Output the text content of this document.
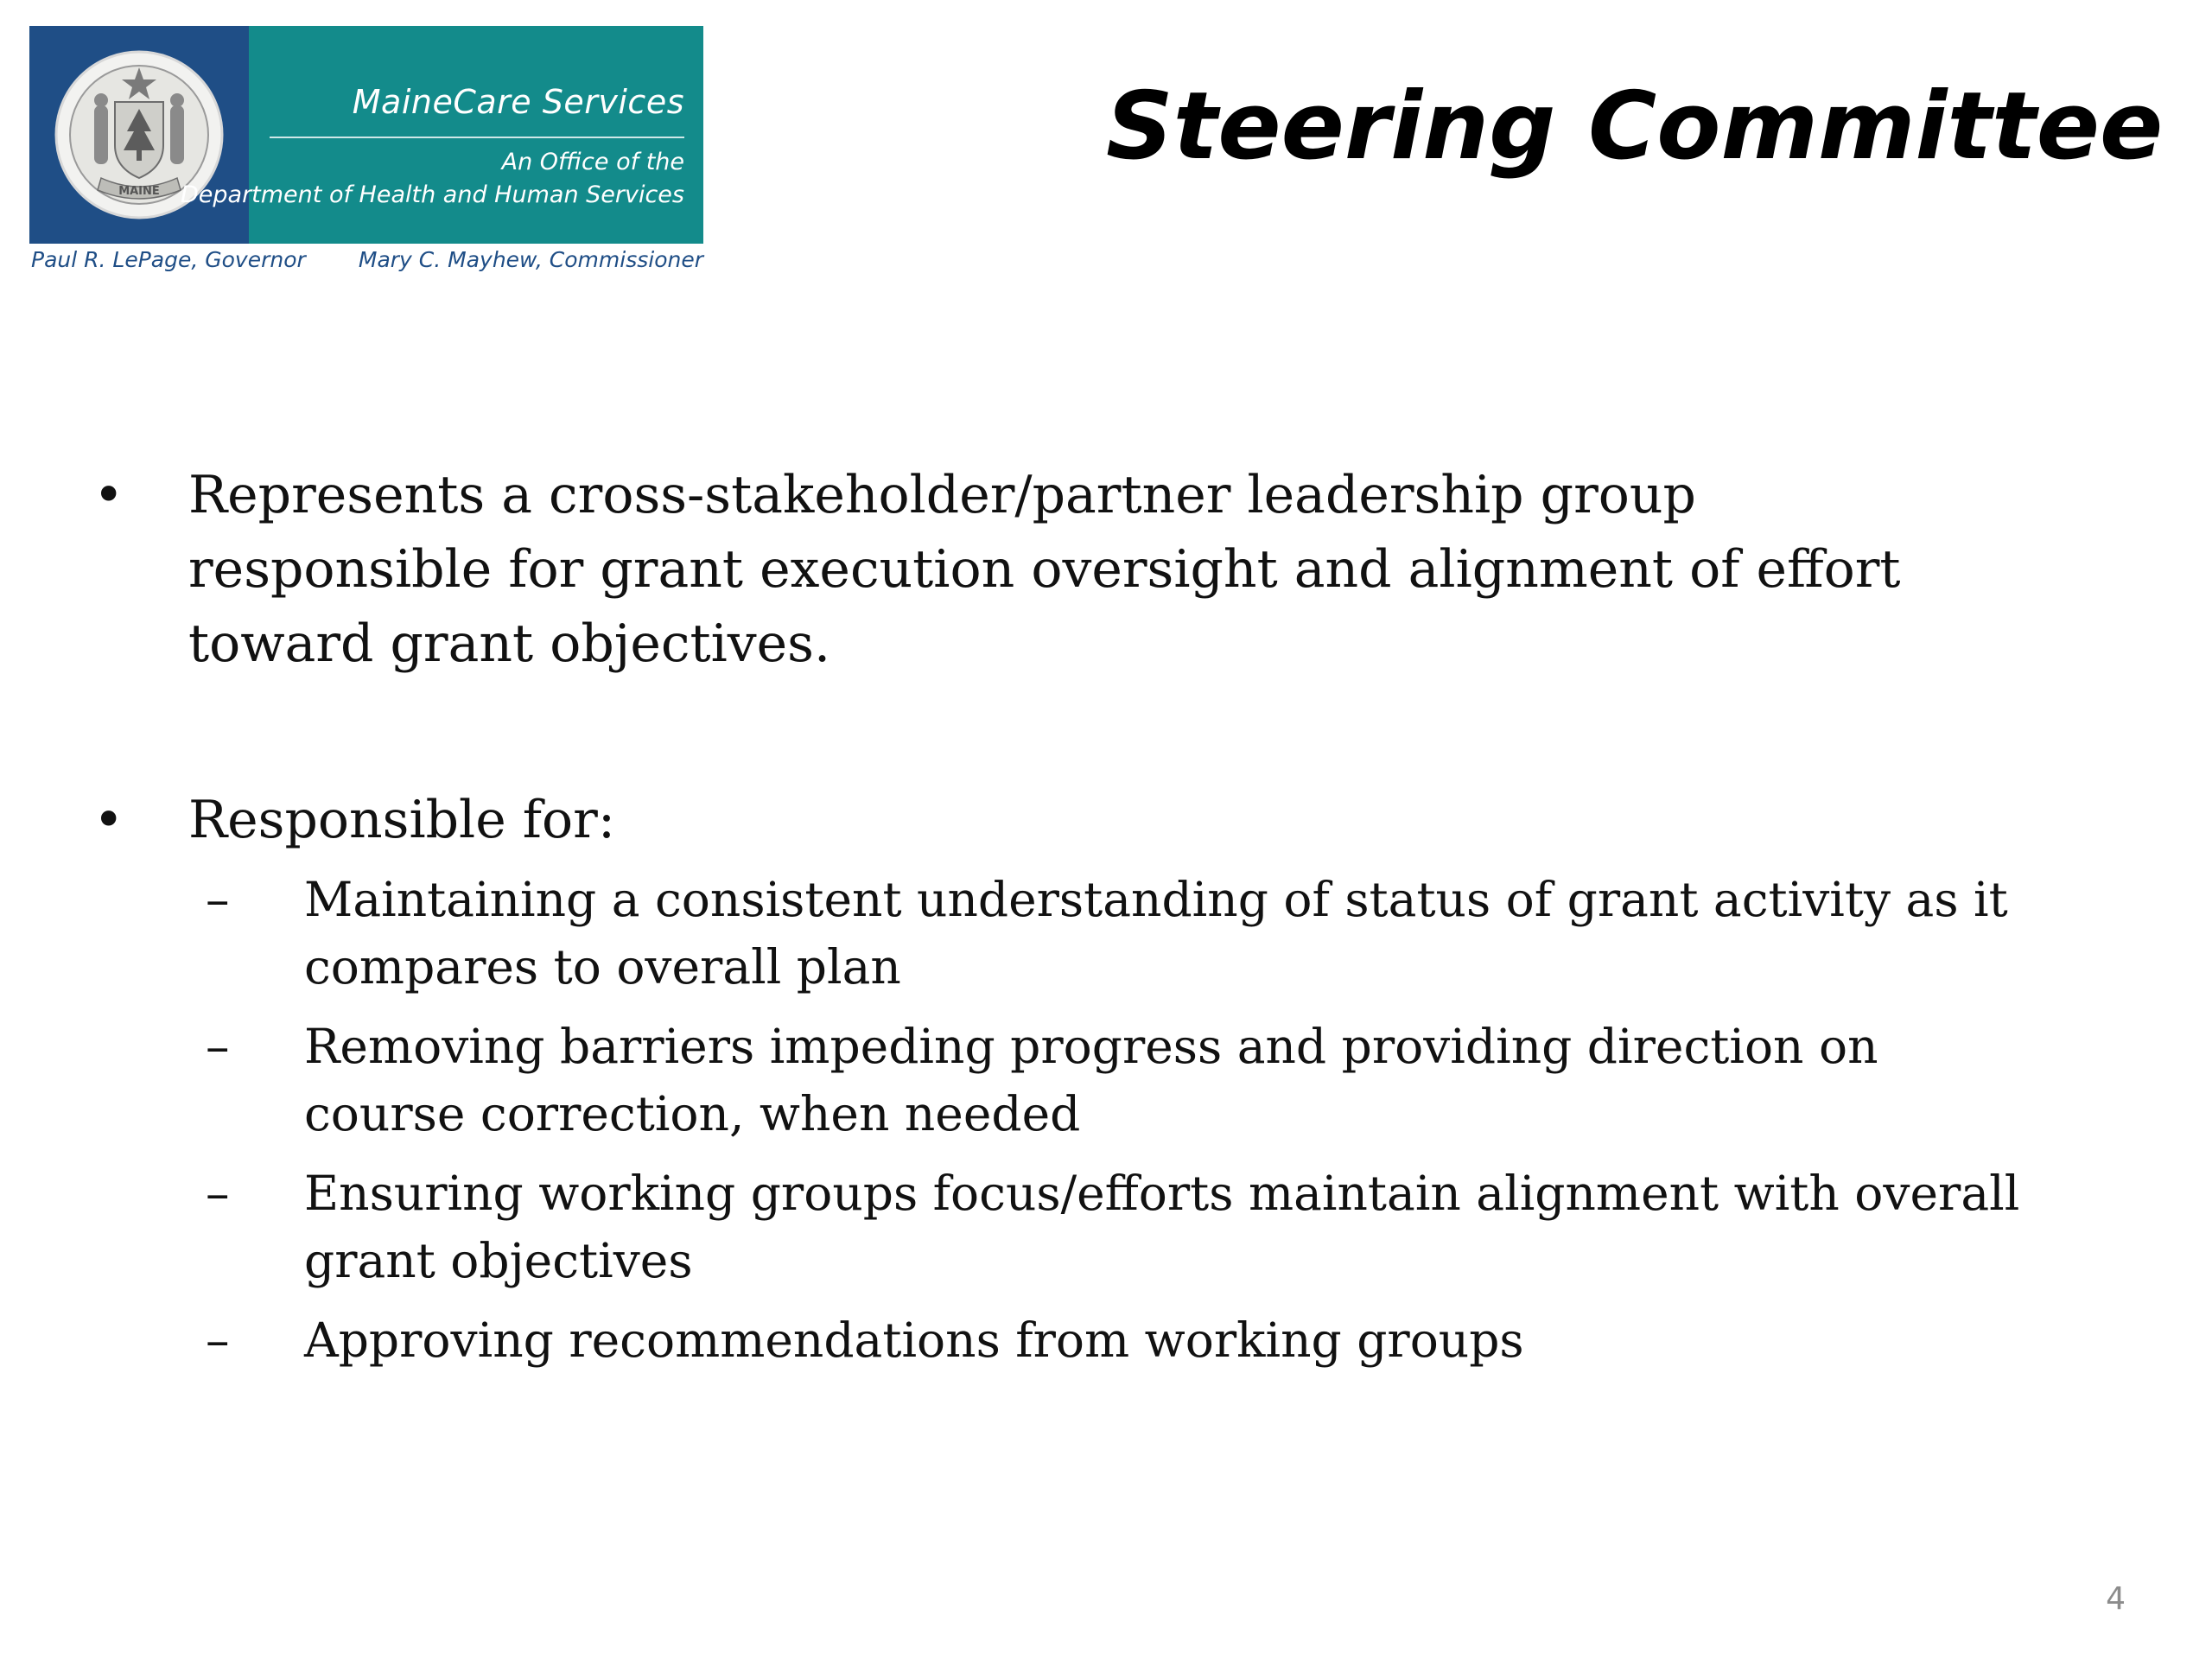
MAINE
MaineCare Services
An Office of the
Department of Health and Human Services
Paul R. LePage, Governor Mary C. Mayhew, Commissioner
Steering Committee
•	Represents a cross-stakeholder/partner leadership group responsible for grant execution oversight and alignment of effort toward grant objectives.
•	Responsible for:
–	Maintaining a consistent understanding of status of grant activity as it compares to overall plan
–	Removing barriers impeding progress and providing direction on course correction, when needed
–	Ensuring working groups focus/efforts maintain alignment with overall grant objectives
–	Approving recommendations from working groups
4
